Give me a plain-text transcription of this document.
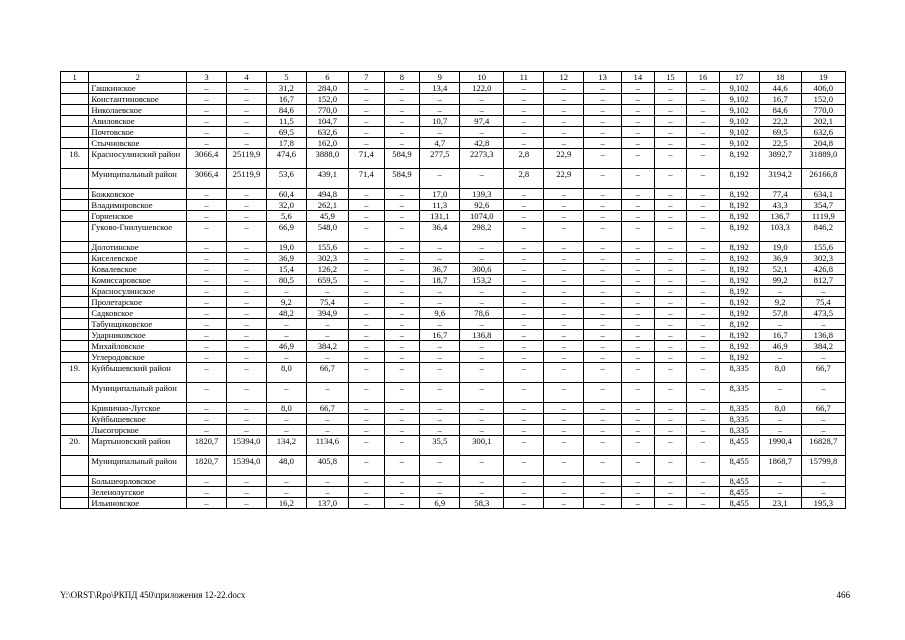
1	2	3	4	5	6	7	8	9	10	11	12	13	14	15	16	17	18	19
	Гашкинское	–	–	31,2	284,0	–	–	13,4	122,0	–	–	–	–	–	–	9,102	44,6	406,0
	Константиновское	–	–	16,7	152,0	–	–	–	–	–	–	–	–	–	–	9,102	16,7	152,0
	Николаевское	–	–	84,6	770,0	–	–	–	–	–	–	–	–	–	–	9,102	84,6	770,0
	Авиловское	–	–	11,5	104,7	–	–	10,7	97,4	–	–	–	–	–	–	9,102	22,2	202,1
	Почтовское	–	–	69,5	632,6	–	–	–	–	–	–	–	–	–	–	9,102	69,5	632,6
	Стычновское	–	–	17,8	162,0	–	–	4,7	42,8	–	–	–	–	–	–	9,102	22,5	204,8
18.	Красносулинский район	3066,4	25119,9	474,6	3888,0	71,4	584,9	277,5	2273,3	2,8	22,9	–	–	–	–	8,192	3892,7	31889,0
	Муниципальный район	3066,4	25119,9	53,6	439,1	71,4	584,9	–	–	2,8	22,9	–	–	–	–	8,192	3194,2	26166,8
	Божковское	–	–	60,4	494,8	–	–	17,0	139,3	–	–	–	–	–	–	8,192	77,4	634,1
	Владимировское	–	–	32,0	262,1	–	–	11,3	92,6	–	–	–	–	–	–	8,192	43,3	354,7
	Горненское	–	–	5,6	45,9	–	–	131,1	1074,0	–	–	–	–	–	–	8,192	136,7	1119,9
	Гуково-Гнилушевское	–	–	66,9	548,0	–	–	36,4	298,2	–	–	–	–	–	–	8,192	103,3	846,2
	Долотинское	–	–	19,0	155,6	–	–	–	–	–	–	–	–	–	–	8,192	19,0	155,6
	Киселевское	–	–	36,9	302,3	–	–	–	–	–	–	–	–	–	–	8,192	36,9	302,3
	Ковалевское	–	–	15,4	126,2	–	–	36,7	300,6	–	–	–	–	–	–	8,192	52,1	426,8
	Комиссаровское	–	–	80,5	659,5	–	–	18,7	153,2	–	–	–	–	–	–	8,192	99,2	812,7
	Красносулинское	–	–	–	–	–	–	–	–	–	–	–	–	–	–	8,192	–	–
	Пролетарское	–	–	9,2	75,4	–	–	–	–	–	–	–	–	–	–	8,192	9,2	75,4
	Садковское	–	–	48,2	394,9	–	–	9,6	78,6	–	–	–	–	–	–	8,192	57,8	473,5
	Табунщиковское	–	–	–	–	–	–	–	–	–	–	–	–	–	–	8,192	–	–
	Ударниковское	–	–	–	–	–	–	16,7	136,8	–	–	–	–	–	–	8,192	16,7	136,8
	Михайловское	–	–	46,9	384,2	–	–	–	–	–	–	–	–	–	–	8,192	46,9	384,2
	Углеродовское	–	–	–	–	–	–	–	–	–	–	–	–	–	–	8,192	–	–
19.	Куйбышевский район	–	–	8,0	66,7	–	–	–	–	–	–	–	–	–	–	8,335	8,0	66,7
	Муниципальный район	–	–	–	–	–	–	–	–	–	–	–	–	–	–	8,335	–	–
	Кринично-Лугское	–	–	8,0	66,7	–	–	–	–	–	–	–	–	–	–	8,335	8,0	66,7
	Куйбышевское	–	–	–	–	–	–	–	–	–	–	–	–	–	–	8,335	–	–
	Лысогорское	–	–	–	–	–	–	–	–	–	–	–	–	–	–	8,335	–	–
20.	Мартыновский район	1820,7	15394,0	134,2	1134,6	–	–	35,5	300,1	–	–	–	–	–	–	8,455	1990,4	16828,7
	Муниципальный район	1820,7	15394,0	48,0	405,8	–	–	–	–	–	–	–	–	–	–	8,455	1868,7	15799,8
	Большеорловское	–	–	–	–	–	–	–	–	–	–	–	–	–	–	8,455	–	–
	Зеленолугское	–	–	–	–	–	–	–	–	–	–	–	–	–	–	8,455	–	–
	Ильиновское	–	–	16,2	137,0	–	–	6,9	58,3	–	–	–	–	–	–	8,455	23,1	195,3
Y:\ORST\Rpo\РКПД 450\приложения 12-22.docx	466
